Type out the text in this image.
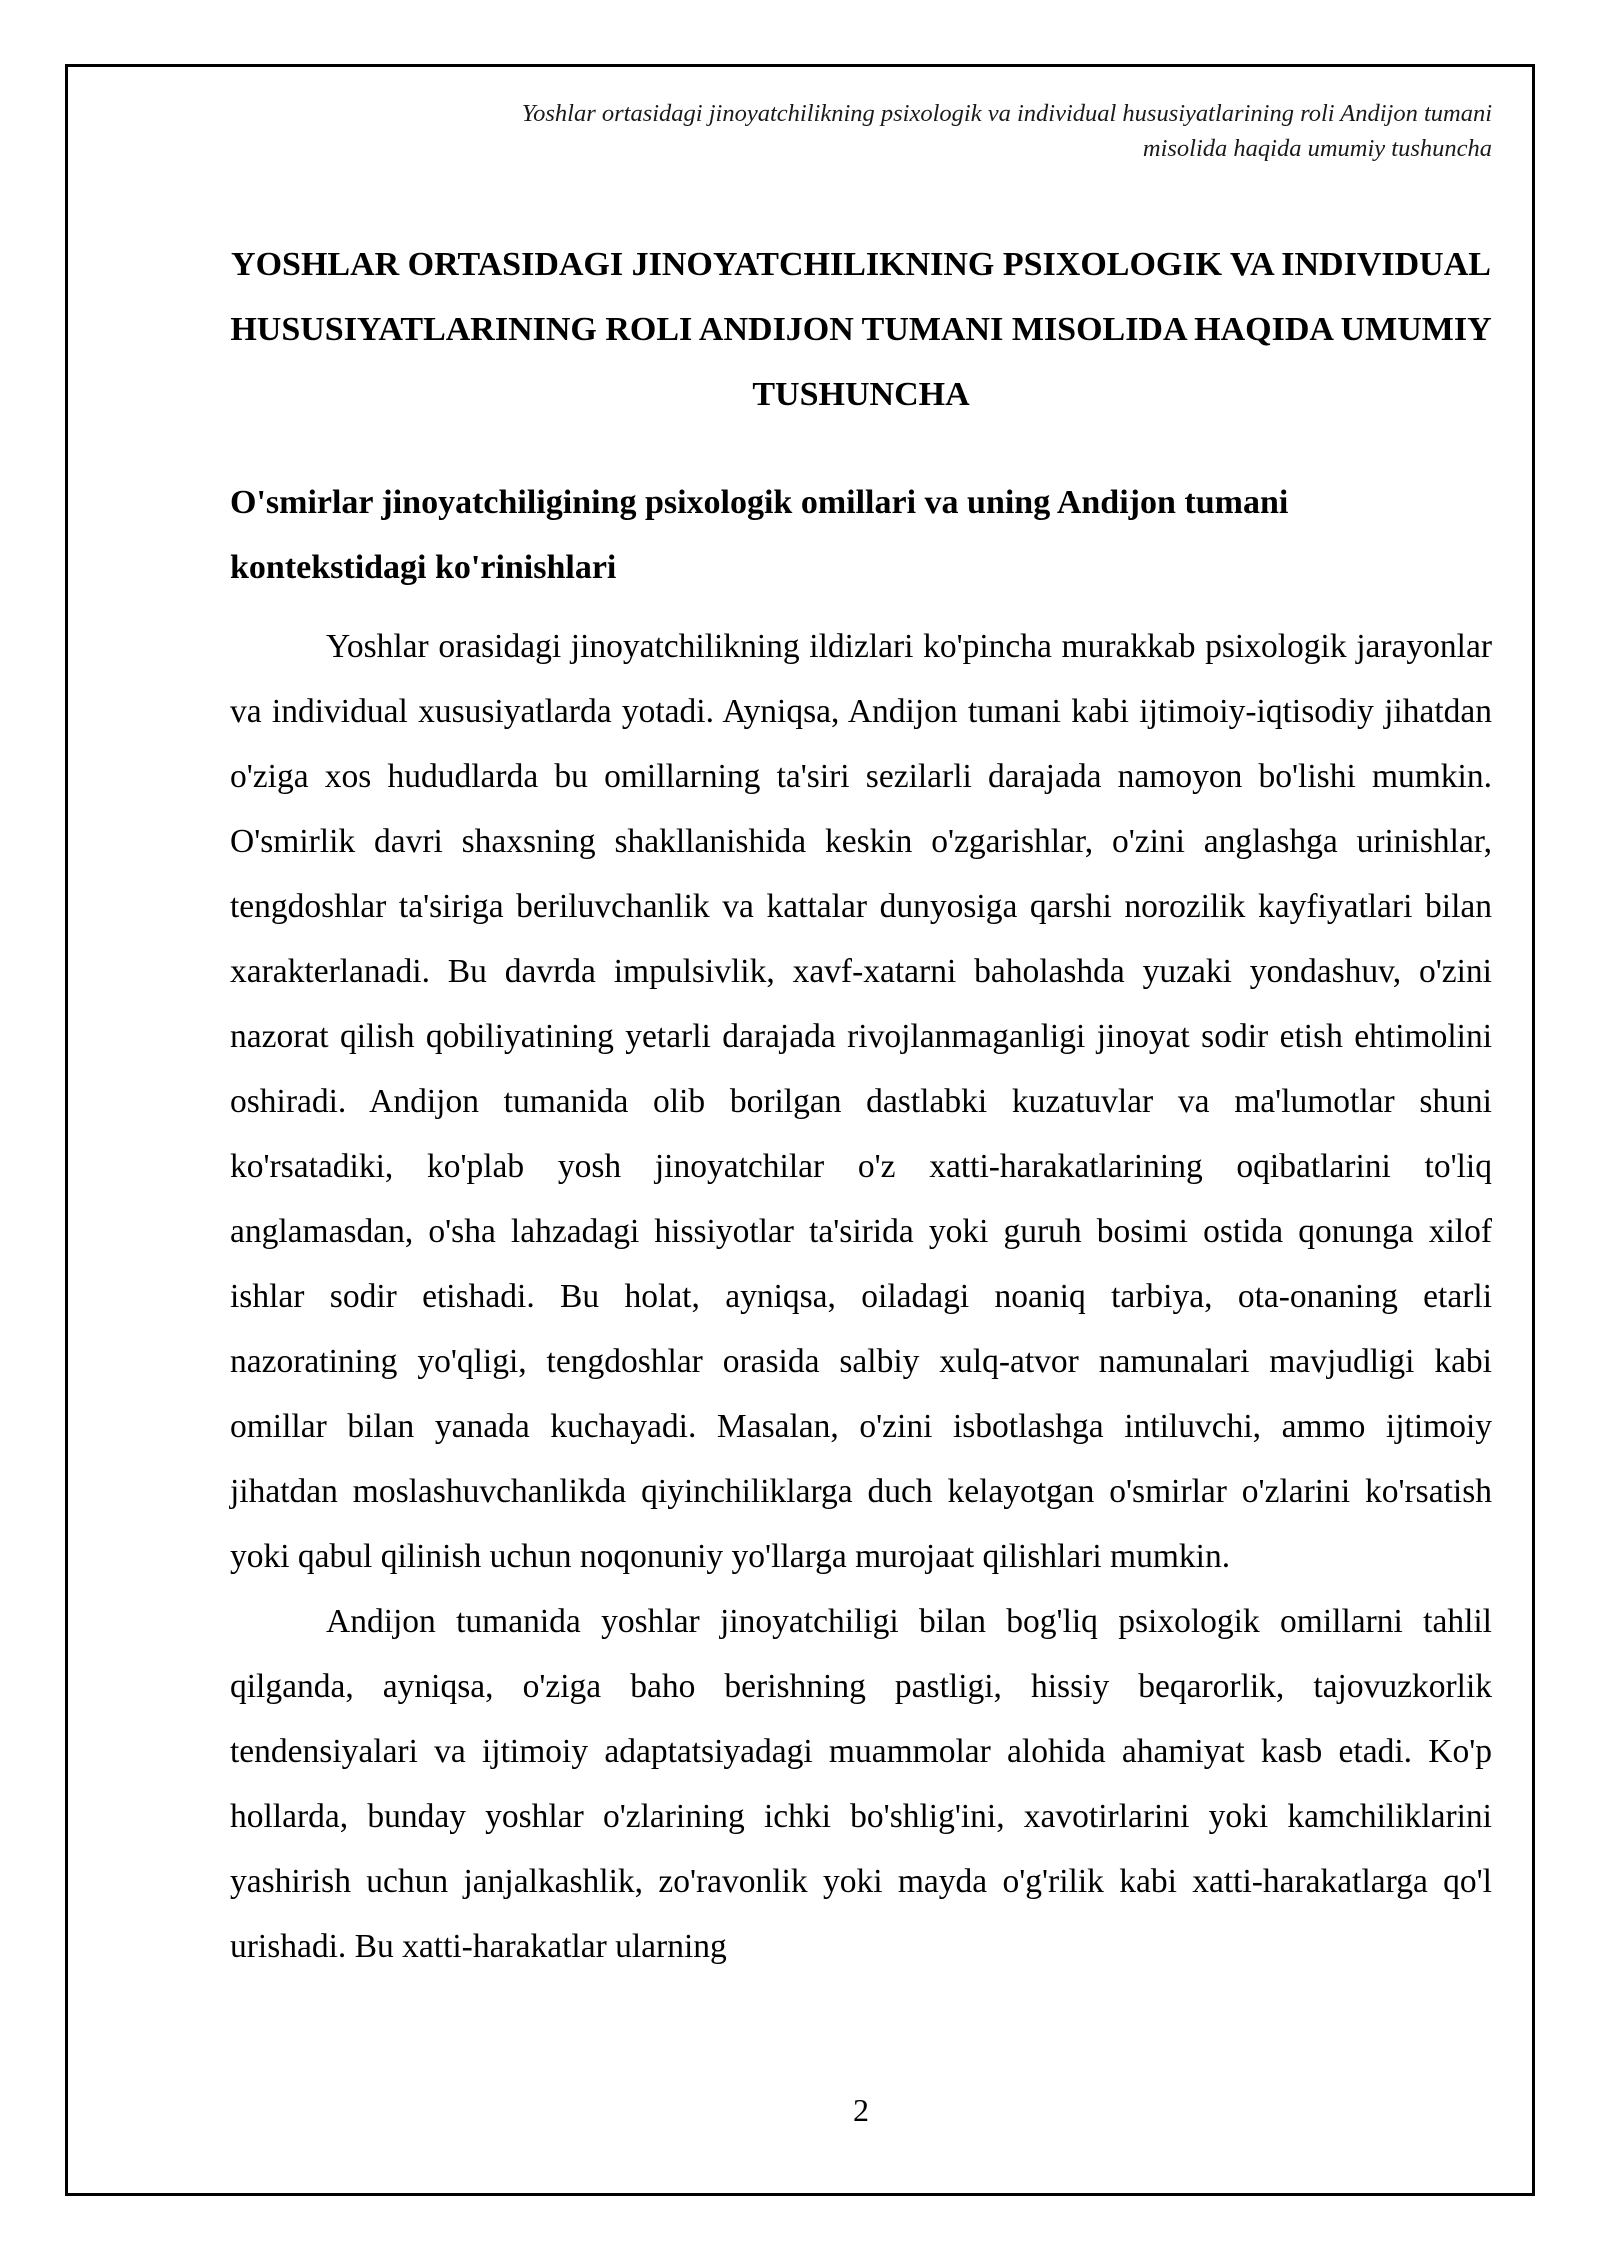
Yoshlar ortasidagi jinoyatchilikning psixologik va individual hususiyatlarining roli Andijon tumani
misolida haqida umumiy tushuncha
YOSHLAR ORTASIDAGI JINOYATCHILIKNING PSIXOLOGIK VA INDIVIDUAL HUSUSIYATLARINING ROLI ANDIJON TUMANI MISOLIDA HAQIDA UMUMIY TUSHUNCHA
O'smirlar jinoyatchiligining psixologik omillari va uning Andijon tumani kontekstidagi ko'rinishlari

Yoshlar orasidagi jinoyatchilikning ildizlari ko'pincha murakkab psixologik jarayonlar va individual xususiyatlarda yotadi. Ayniqsa, Andijon tumani kabi ijtimoiy-iqtisodiy jihatdan o'ziga xos hududlarda bu omillarning ta'siri sezilarli darajada namoyon bo'lishi mumkin. O'smirlik davri shaxsning shakllanishida keskin o'zgarishlar, o'zini anglashga urinishlar, tengdoshlar ta'siriga beriluvchanlik va kattalar dunyosiga qarshi norozilik kayfiyatlari bilan xarakterlanadi. Bu davrda impulsivlik, xavf-xatarni baholashda yuzaki yondashuv, o'zini nazorat qilish qobiliyatining yetarli darajada rivojlanmaganligi jinoyat sodir etish ehtimolini oshiradi. Andijon tumanida olib borilgan dastlabki kuzatuvlar va ma'lumotlar shuni ko'rsatadiki, ko'plab yosh jinoyatchilar o'z xatti-harakatlarining oqibatlarini to'liq anglamasdan, o'sha lahzadagi hissiyotlar ta'sirida yoki guruh bosimi ostida qonunga xilof ishlar sodir etishadi. Bu holat, ayniqsa, oiladagi noaniq tarbiya, ota-onaning etarli nazoratining yo'qligi, tengdoshlar orasida salbiy xulq-atvor namunalari mavjudligi kabi omillar bilan yanada kuchayadi. Masalan, o'zini isbotlashga intiluvchi, ammo ijtimoiy jihatdan moslashuvchanlikda qiyinchiliklarga duch kelayotgan o'smirlar o'zlarini ko'rsatish yoki qabul qilinish uchun noqonuniy yo'llarga murojaat qilishlari mumkin.

Andijon tumanida yoshlar jinoyatchiligi bilan bog'liq psixologik omillarni tahlil qilganda, ayniqsa, o'ziga baho berishning pastligi, hissiy beqarorlik, tajovuzkorlik tendensiyalari va ijtimoiy adaptatsiyadagi muammolar alohida ahamiyat kasb etadi. Ko'p hollarda, bunday yoshlar o'zlarining ichki bo'shlig'ini, xavotirlarini yoki kamchiliklarini yashirish uchun janjalkashlik, zo'ravonlik yoki mayda o'g'rilik kabi xatti-harakatlarga qo'l urishadi. Bu xatti-harakatlar ularning

2
